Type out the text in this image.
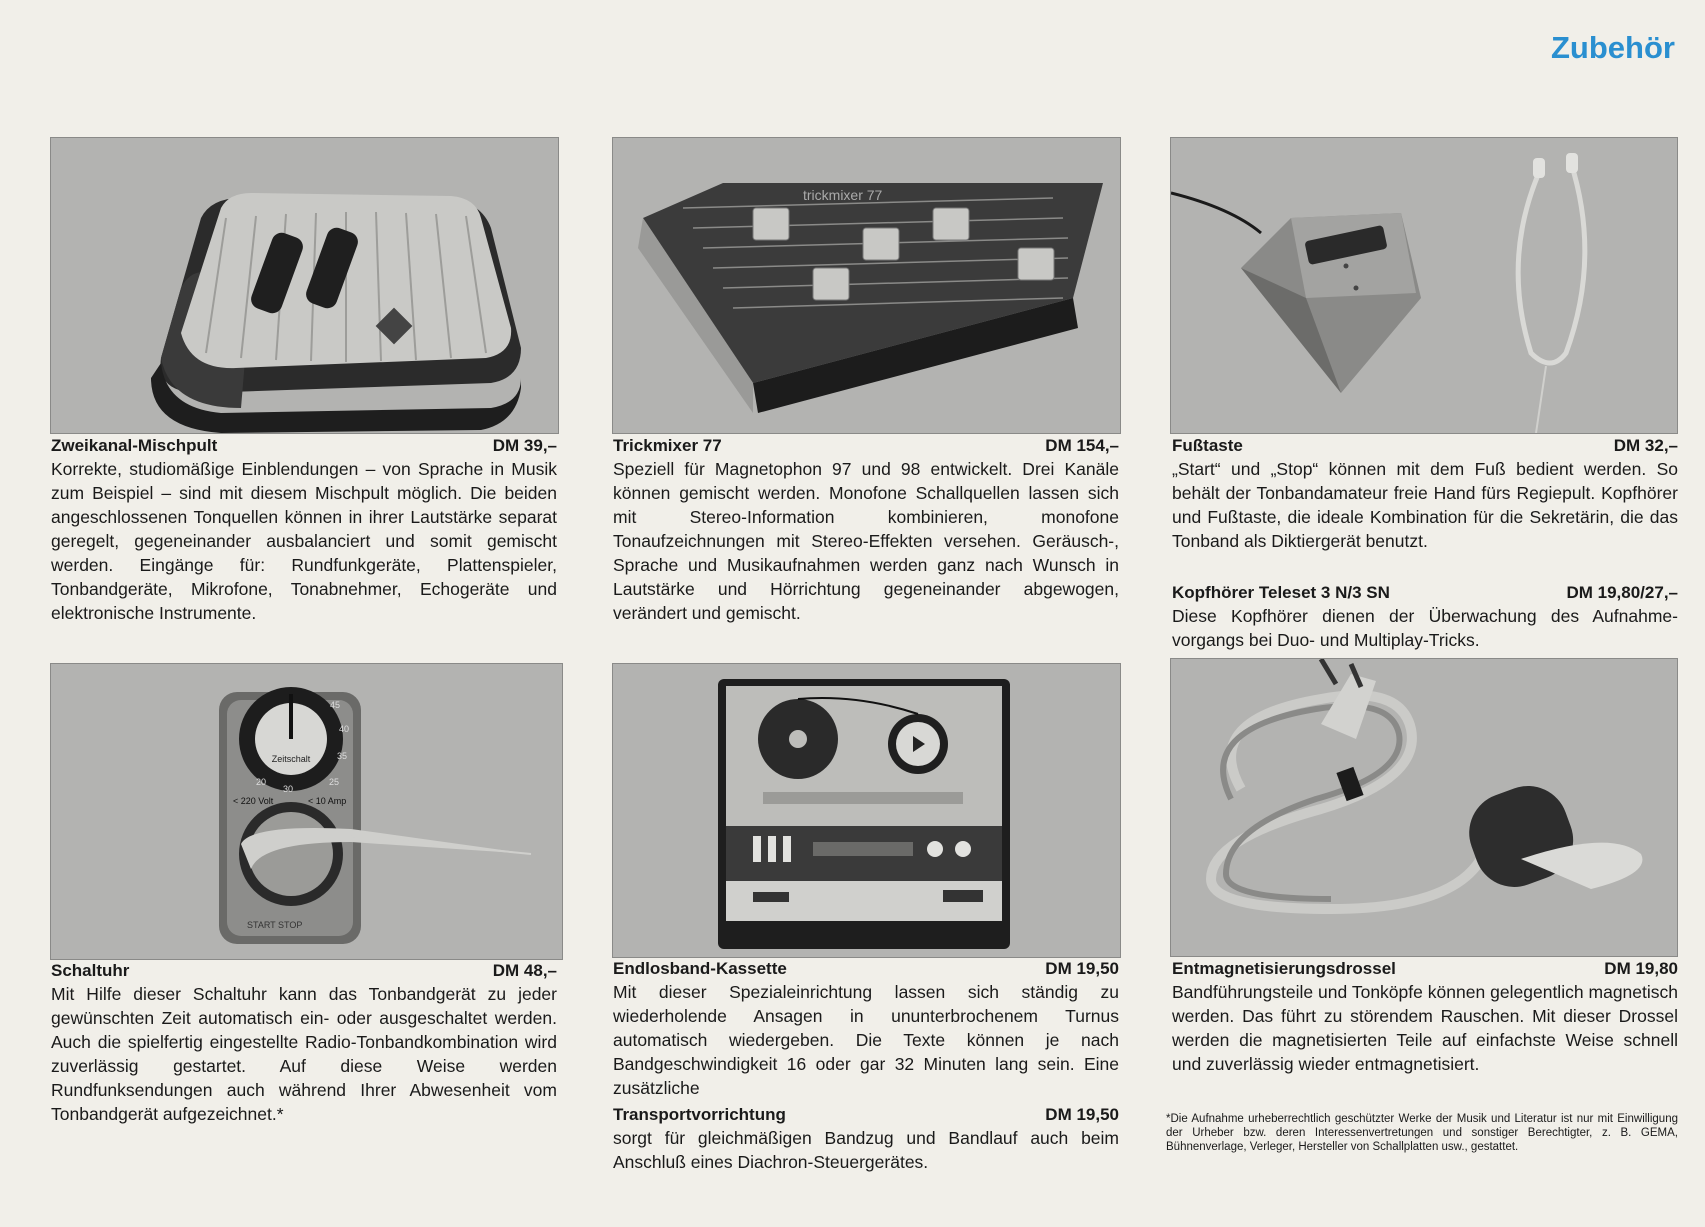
Zubehör
trickmixer 77
Zeitschalt
20	25
30
35
40
45
< 220 Volt	< 10 Amp
START STOP
Zweikanal-Mischpult	DM 39,–

Korrekte, studiomäßige Einblendungen – von Sprache in Musik zum Beispiel – sind mit diesem Mischpult möglich. Die beiden angeschlossenen Tonquellen können in ihrer Lautstärke separat geregelt, gegeneinander ausbalanciert und somit gemischt werden. Eingänge für: Rundfunkgeräte, Plattenspieler, Tonbandgeräte, Mikrofone, Tonabnehmer, Echogeräte und elektronische Instrumente.

Trickmixer 77	DM 154,–

Speziell für Magnetophon 97 und 98 entwickelt. Drei Kanäle können gemischt werden. Monofone Schallquellen lassen sich mit Stereo-Information kombinieren, monofone Tonaufzeichnungen mit Stereo-Effekten versehen. Geräusch-, Sprache und Musikaufnahmen werden ganz nach Wunsch in Lautstärke und Hörrichtung gegeneinander abgewogen, verändert und gemischt.

Fußtaste	DM 32,–

„Start“ und „Stop“ können mit dem Fuß bedient werden. So behält der Tonbandamateur freie Hand fürs Regiepult. Kopfhörer und Fußtaste, die ideale Kombination für die Sekretärin, die das Tonband als Diktiergerät benutzt.

Kopfhörer Teleset 3 N/3 SN	DM 19,80/27,–

Diese Kopfhörer dienen der Überwachung des Aufnahmevorgangs bei Duo- und Multiplay-Tricks.

Schaltuhr	DM 48,–

Mit Hilfe dieser Schaltuhr kann das Tonbandgerät zu jeder gewünschten Zeit automatisch ein- oder ausgeschaltet werden. Auch die spielfertig eingestellte Radio-Tonbandkombination wird zuverlässig gestartet. Auf diese Weise werden Rundfunksendungen auch während Ihrer Abwesenheit vom Tonbandgerät aufgezeichnet.*

Endlosband-Kassette	DM 19,50

Mit dieser Spezialeinrichtung lassen sich ständig zu wiederholende Ansagen in ununterbrochenem Turnus automatisch wiedergeben. Die Texte können je nach Bandgeschwindigkeit 16 oder gar 32 Minuten lang sein. Eine zusätzliche

Transportvorrichtung	DM 19,50

sorgt für gleichmäßigen Bandzug und Bandlauf auch beim Anschluß eines Diachron-Steuergerätes.

Entmagnetisierungsdrossel	DM 19,80

Bandführungsteile und Tonköpfe können gelegentlich magnetisch werden. Das führt zu störendem Rauschen. Mit dieser Drossel werden die magnetisierten Teile auf einfachste Weise schnell und zuverlässig wieder entmagnetisiert.

*Die Aufnahme urheberrechtlich geschützter Werke der Musik und Literatur ist nur mit Einwilligung der Urheber bzw. deren Interessenvertretungen und sonstiger Berechtigter, z. B. GEMA, Bühnenverlage, Verleger, Hersteller von Schallplatten usw., gestattet.
